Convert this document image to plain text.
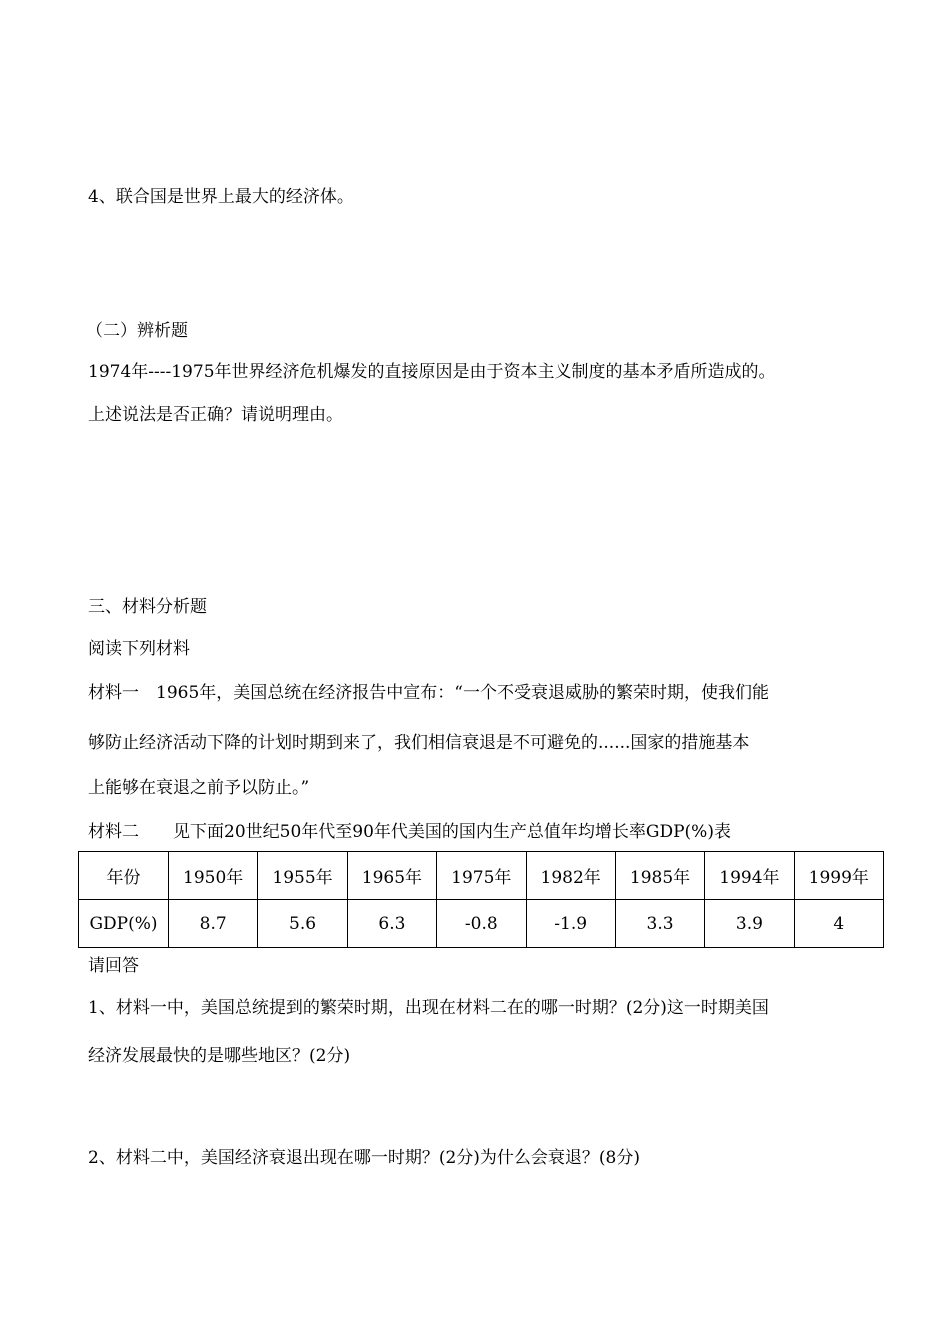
4、联合国是世界上最大的经济体。
（二）辨析题
1974年----1975年世界经济危机爆发的直接原因是由于资本主义制度的基本矛盾所造成的。
上述说法是否正确？请说明理由。
三、材料分析题
阅读下列材料
材料一　1965年，美国总统在经济报告中宣布：“一个不受衰退威胁的繁荣时期，使我们能
够防止经济活动下降的计划时期到来了，我们相信衰退是不可避免的......国家的措施基本
上能够在衰退之前予以防止。”
材料二　　见下面20世纪50年代至90年代美国的国内生产总值年均增长率GDP(%)表
年份	1950年	1955年	1965年	1975年	1982年	1985年	1994年	1999年
GDP(%)	8.7	5.6	6.3	-0.8	-1.9	3.3	3.9	4
请回答
1、材料一中，美国总统提到的繁荣时期，出现在材料二在的哪一时期？(2分)这一时期美国
经济发展最快的是哪些地区？(2分)
2、材料二中，美国经济衰退出现在哪一时期？(2分)为什么会衰退？(8分)
